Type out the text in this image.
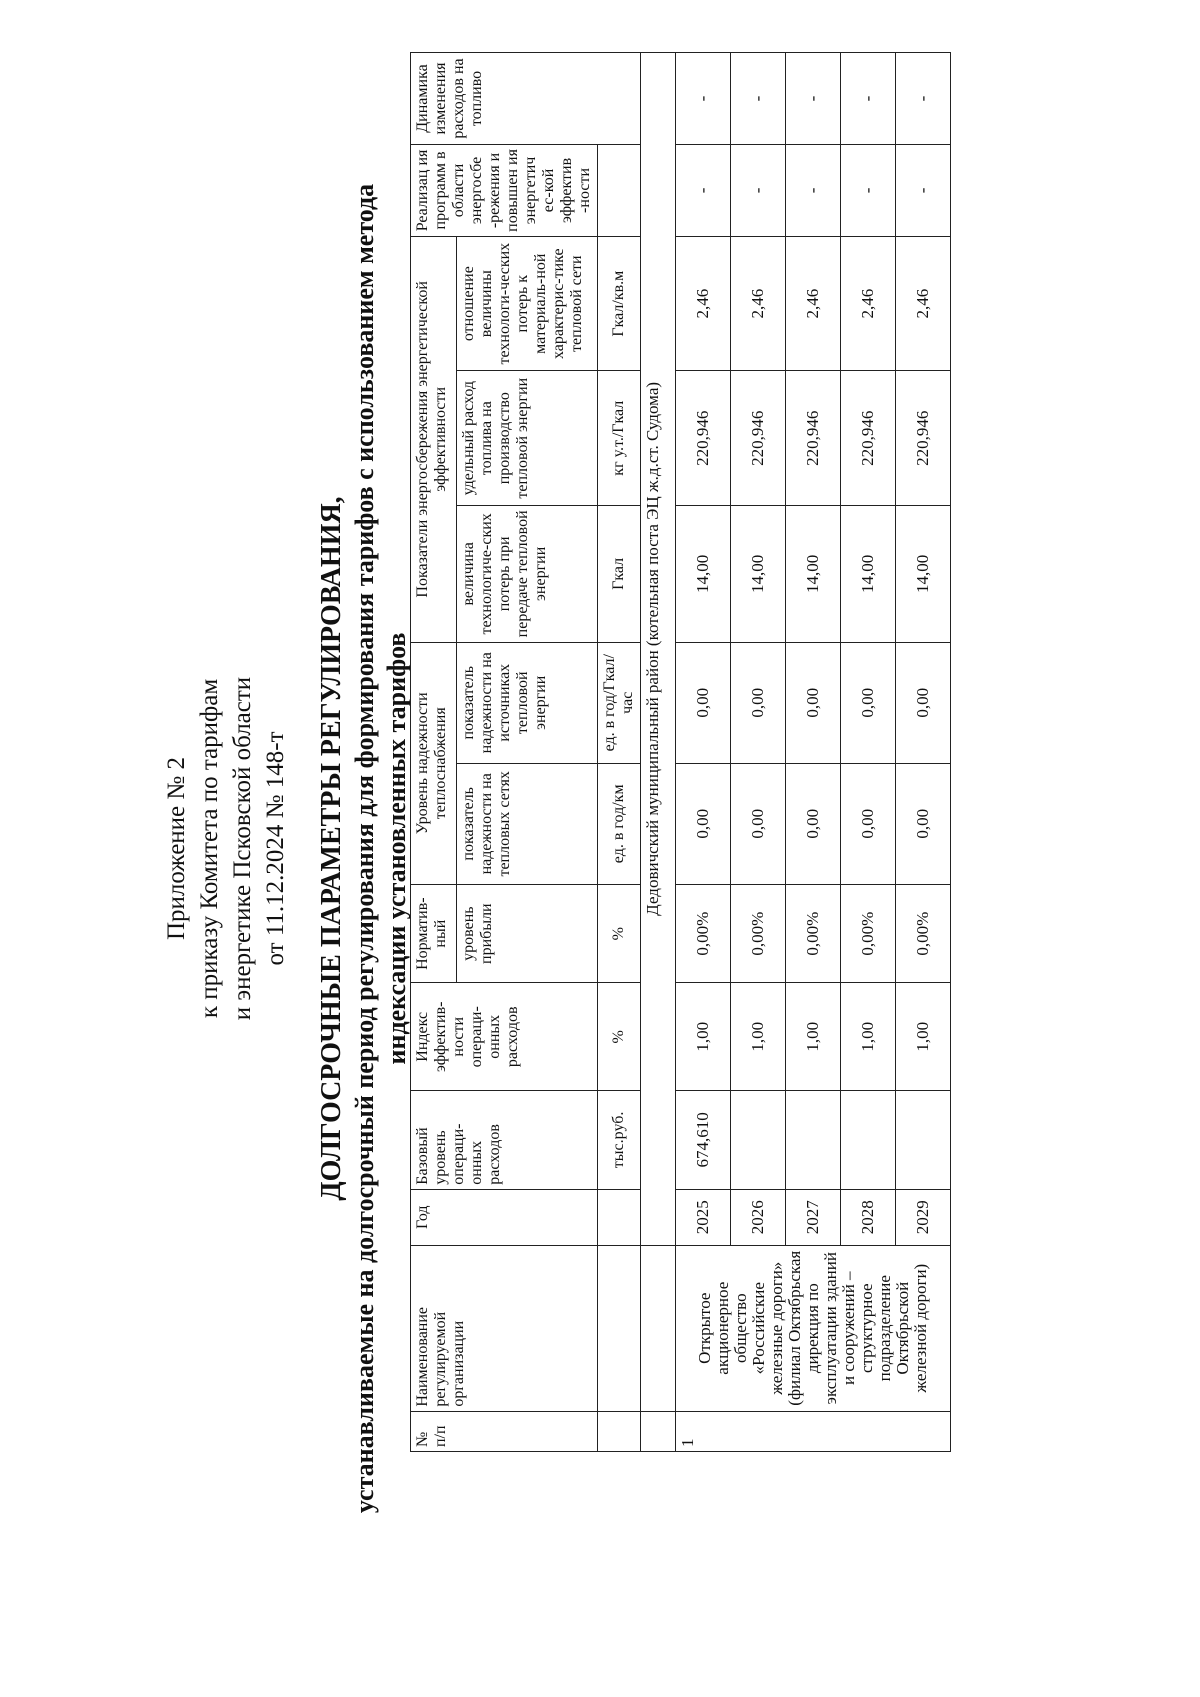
Приложение № 2 к приказу Комитета по тарифам и энергетике Псковской области от 11.12.2024 № 148-т ДОЛГОСРОЧНЫЕ ПАРАМЕТРЫ РЕГУЛИРОВАНИЯ, устанавливаемые на долгосрочный период регулирования для формирования тарифов с использованием метода индексации установленных тарифов
№ п/п	Наименование регулируемой организации	Год	Базовый уровень операци-онных расходов	Индекс эффектив-ности операци-онных расходов	Норматив-ный	Уровень надежности теплоснабжения		Показатели энергосбережения энергетической эффективности			Реализац ия программ в области энергосбе -режения и повышен ия энергетич ес-кой эффектив -ности	Динамика изменения расходов на топливо
					уровень прибыли	показатель надежности на тепловых сетях	показатель надежности на источниках тепловой энергии	величина технологиче-ских потерь при передаче тепловой энергии	удельный расход топлива на производство тепловой энергии	отношение величины технологи-ческих потерь к материаль-ной характерис-тике тепловой сети		
			тыс.руб.	%	%	ед. в год/км	ед. в год/Гкал/ час	Гкал	кг у.т./Гкал	Гкал/кв.м		
		Дедовичский муниципальный район (котельная поста ЭЦ ж.д.ст. Судома)										
1	Открытое акционерное общество «Российские железные дороги» (филиал Октябрьская дирекция по эксплуатации зданий и сооружений – структурное подразделение Октябрьской железной дороги)	2025	674,610	1,00	0,00%	0,00	0,00	14,00	220,946	2,46	-	-
		2026		1,00	0,00%	0,00	0,00	14,00	220,946	2,46	-	-
		2027		1,00	0,00%	0,00	0,00	14,00	220,946	2,46	-	-
		2028		1,00	0,00%	0,00	0,00	14,00	220,946	2,46	-	-
		2029		1,00	0,00%	0,00	0,00	14,00	220,946	2,46	-	-
